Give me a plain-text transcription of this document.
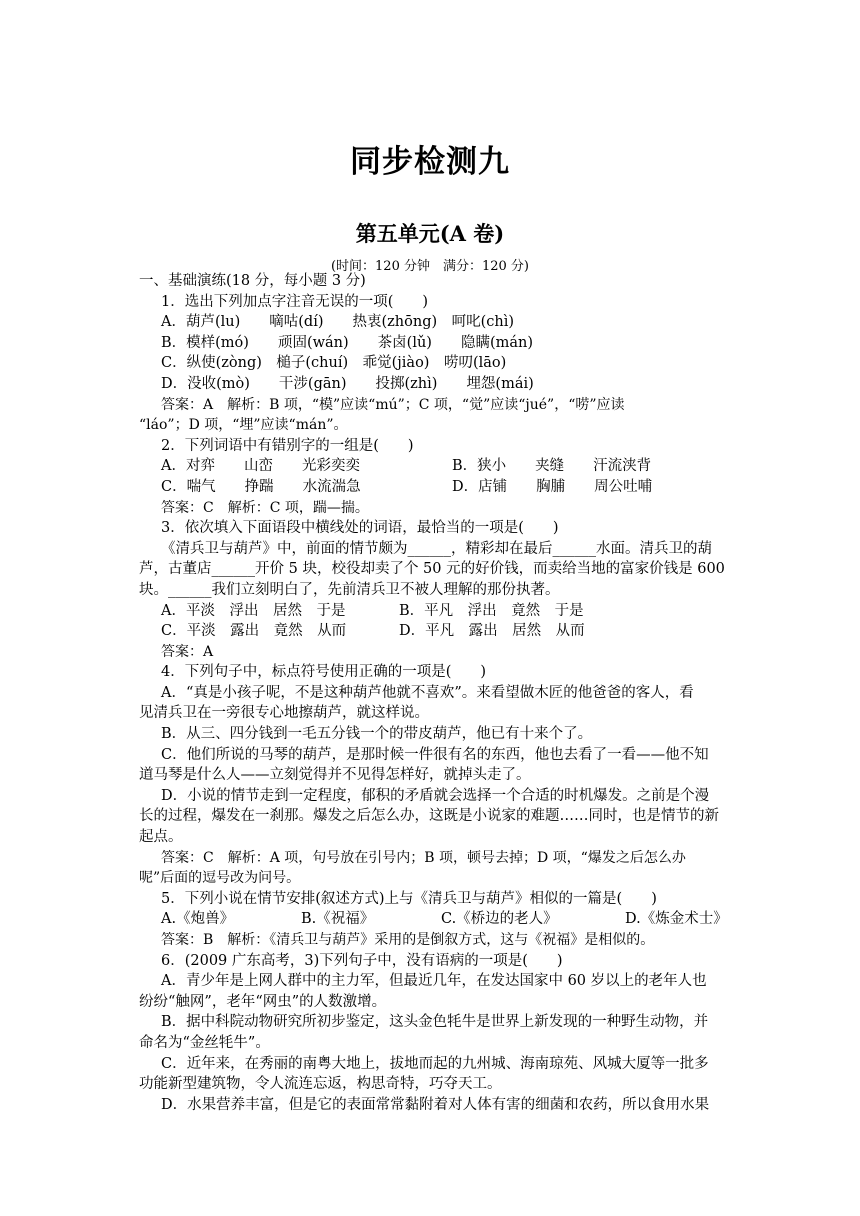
同步检测九
第五单元(A 卷)
(时间：120 分钟　满分：120 分)
一、基础演练(18 分，每小题 3 分)
1．选出下列加点字注音无误的一项(　　)
A．葫芦(lu)　　嘀咕(dí)　　热衷(zhōng)　呵叱(chì)
B．模样(mó)　　顽固(wán)　　茶卤(lǔ)　　隐瞒(mán)
C．纵使(zòng)　槌子(chuí)　乖觉(jiào)　唠叨(lāo)
D．没收(mò)　　干涉(gān)　　投掷(zhì)　　埋怨(mái)
答案：A　解析：B 项，“模”应读“mú”；C 项，“觉”应读“jué”，“唠”应读
“láo”；D 项，“埋”应读“mán”。
2．下列词语中有错别字的一组是(　　)
A．对弈　　山峦　　光彩奕奕	B．狭小　　夹缝　　汗流浃背
C．喘气　　挣踹　　水流湍急	D．店铺　　胸脯　　周公吐哺
答案：C　解析：C 项，踹—揣。
3．依次填入下面语段中横线处的词语，最恰当的一项是(　　)
《清兵卫与葫芦》中，前面的情节颇为______，精彩却在最后______水面。清兵卫的葫
芦，古董店______开价 5 块，校役却卖了个 50 元的好价钱，而卖给当地的富家价钱是 600
块。______我们立刻明白了，先前清兵卫不被人理解的那份执著。
A．平淡　浮出　居然　于是	B．平凡　浮出　竟然　于是
C．平淡　露出　竟然　从而	D．平凡　露出　居然　从而
答案：A
4．下列句子中，标点符号使用正确的一项是(　　)
A．“真是小孩子呢，不是这种葫芦他就不喜欢”。来看望做木匠的他爸爸的客人，看
见清兵卫在一旁很专心地擦葫芦，就这样说。
B．从三、四分钱到一毛五分钱一个的带皮葫芦，他已有十来个了。
C．他们所说的马琴的葫芦，是那时候一件很有名的东西，他也去看了一看——他不知
道马琴是什么人——立刻觉得并不见得怎样好，就掉头走了。
D．小说的情节走到一定程度，郁积的矛盾就会选择一个合适的时机爆发。之前是个漫
长的过程，爆发在一刹那。爆发之后怎么办，这既是小说家的难题……同时，也是情节的新
起点。
答案：C　解析：A 项，句号放在引号内；B 项，顿号去掉；D 项，“爆发之后怎么办
呢”后面的逗号改为问号。
5．下列小说在情节安排(叙述方式)上与《清兵卫与葫芦》相似的一篇是(　　)
A.《炮兽》	B.《祝福》	C.《桥边的老人》	D.《炼金术士》
答案：B　解析：《清兵卫与葫芦》采用的是倒叙方式，这与《祝福》是相似的。
6．(2009 广东高考，3)下列句子中，没有语病的一项是(　　)
A．青少年是上网人群中的主力军，但最近几年，在发达国家中 60 岁以上的老年人也
纷纷“触网”，老年“网虫”的人数激增。
B．据中科院动物研究所初步鉴定，这头金色牦牛是世界上新发现的一种野生动物，并
命名为“金丝牦牛”。
C．近年来，在秀丽的南粤大地上，拔地而起的九州城、海南琼苑、风城大厦等一批多
功能新型建筑物，令人流连忘返，构思奇特，巧夺天工。
D．水果营养丰富，但是它的表面常常黏附着对人体有害的细菌和农药，所以食用水果
